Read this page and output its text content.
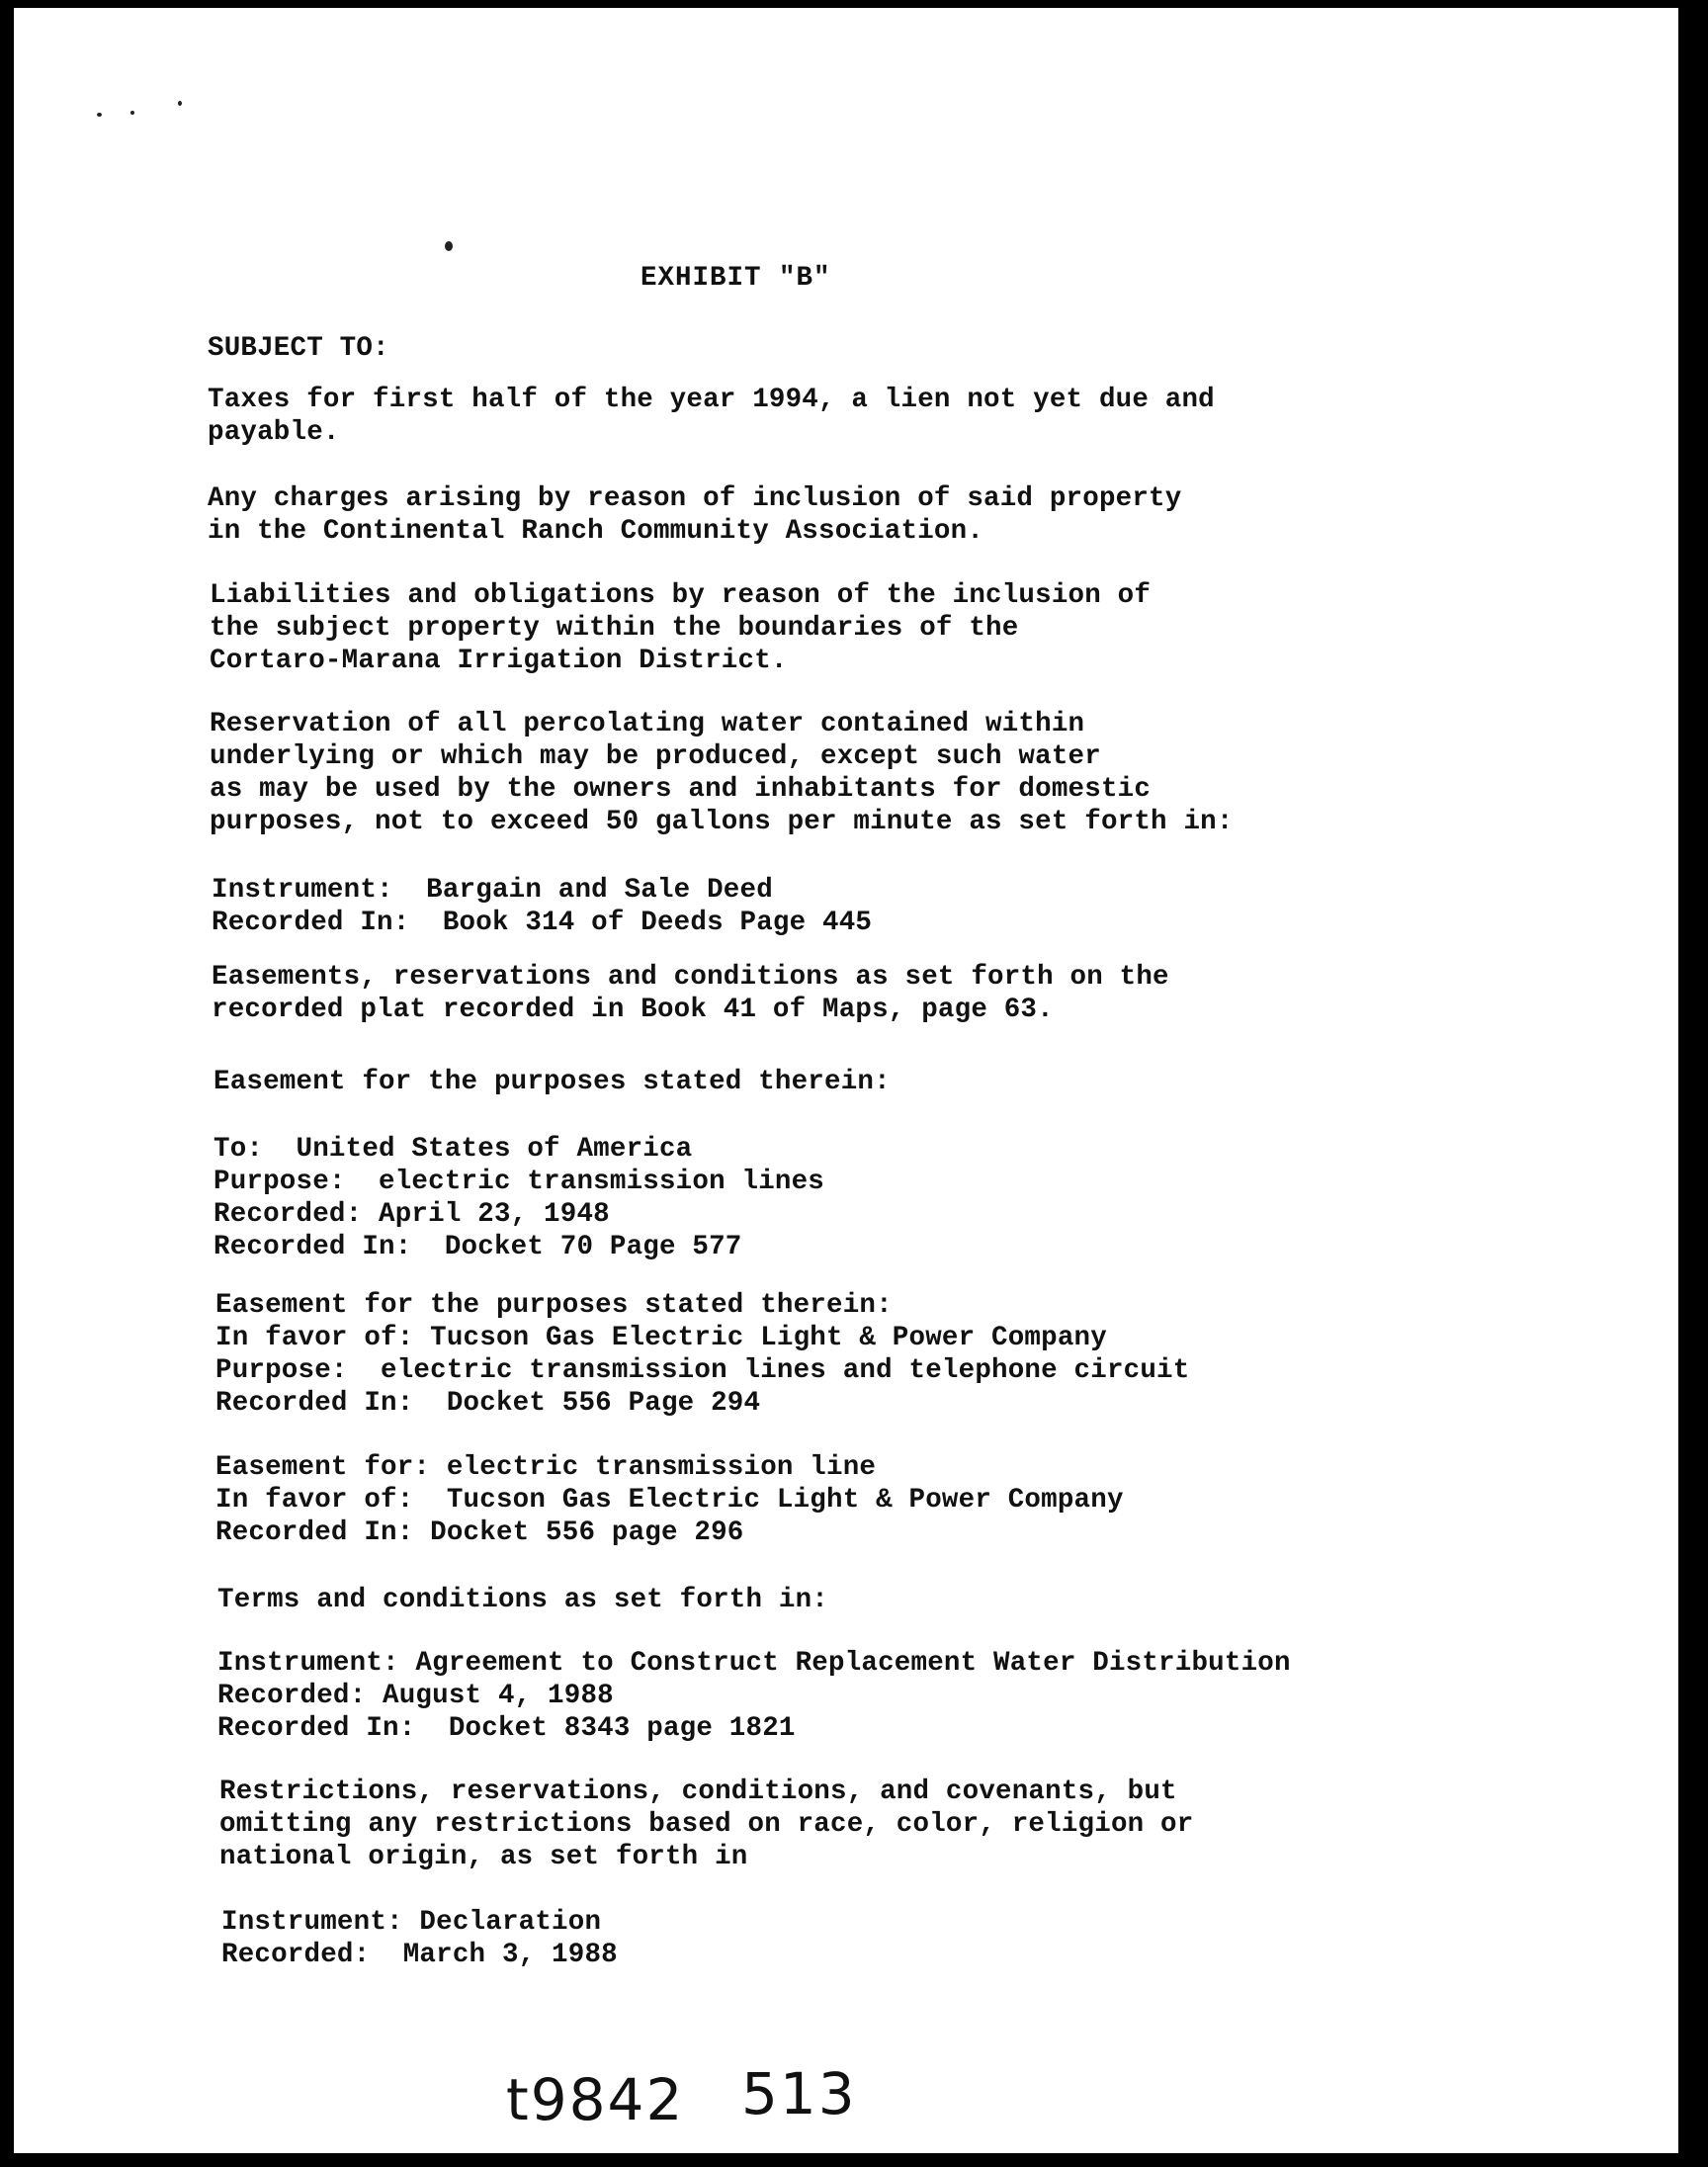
EXHIBIT "B"
SUBJECT TO:
Taxes for first half of the year 1994, a lien not yet due and
payable.
Any charges arising by reason of inclusion of said property
in the Continental Ranch Community Association.
Liabilities and obligations by reason of the inclusion of
the subject property within the boundaries of the
Cortaro-Marana Irrigation District.
Reservation of all percolating water contained within
underlying or which may be produced, except such water
as may be used by the owners and inhabitants for domestic
purposes, not to exceed 50 gallons per minute as set forth in:
Instrument:  Bargain and Sale Deed
Recorded In:  Book 314 of Deeds Page 445
Easements, reservations and conditions as set forth on the
recorded plat recorded in Book 41 of Maps, page 63.
Easement for the purposes stated therein:
To:  United States of America
Purpose:  electric transmission lines
Recorded: April 23, 1948
Recorded In:  Docket 70 Page 577
Easement for the purposes stated therein:
In favor of: Tucson Gas Electric Light & Power Company
Purpose:  electric transmission lines and telephone circuit
Recorded In:  Docket 556 Page 294
Easement for: electric transmission line
In favor of:  Tucson Gas Electric Light & Power Company
Recorded In: Docket 556 page 296
Terms and conditions as set forth in:
Instrument: Agreement to Construct Replacement Water Distribution
Recorded: August 4, 1988
Recorded In:  Docket 8343 page 1821
Restrictions, reservations, conditions, and covenants, but
omitting any restrictions based on race, color, religion or
national origin, as set forth in
Instrument: Declaration
Recorded:  March 3, 1988
t9842 513
